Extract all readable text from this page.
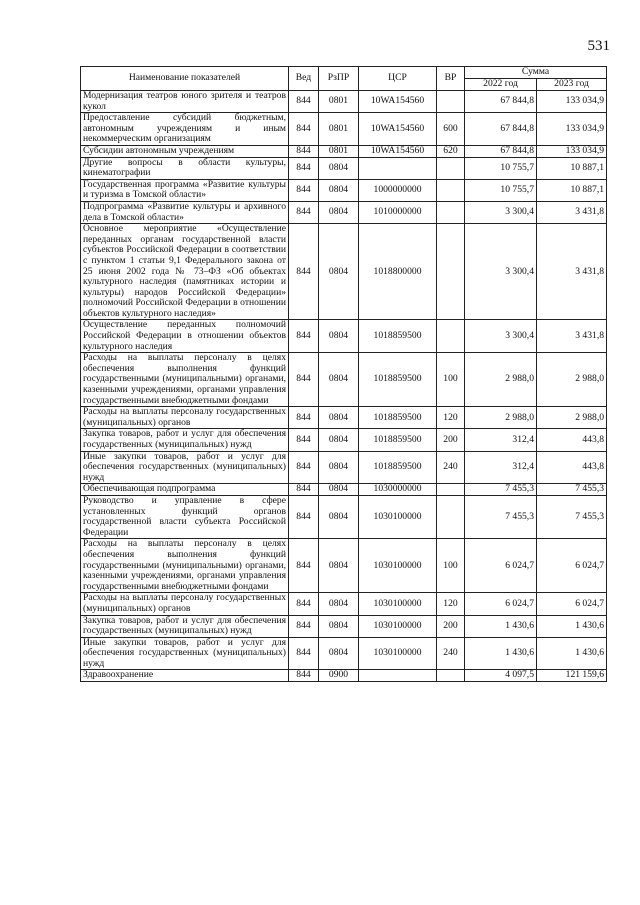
531
Наименование показателей	Вед	РзПР	ЦСР	ВР	Сумма	
					2022 год	2023 год
Модернизация театров юного зрителя и театров кукол	844	0801	10WA154560		67 844,8	133 034,9
Предоставление субсидий бюджетным, автономным учреждениям и иным некоммерческим организациям	844	0801	10WA154560	600	67 844,8	133 034,9
Субсидии автономным учреждениям	844	0801	10WA154560	620	67 844,8	133 034,9
Другие вопросы в области культуры, кинематографии	844	0804			10 755,7	10 887,1
Государственная программа «Развитие культуры и туризма в Томской области»	844	0804	1000000000		10 755,7	10 887,1
Подпрограмма «Развитие культуры и архивного дела в Томской области»	844	0804	1010000000		3 300,4	3 431,8
Основное мероприятие «Осуществление переданных органам государственной власти субъектов Российской Федерации в соответствии с пунктом 1 статьи 9,1 Федерального закона от 25 июня 2002 года № 73–ФЗ «Об объектах культурного наследия (памятниках истории и культуры) народов Российской Федерации» полномочий Российской Федерации в отношении объектов культурного наследия»	844	0804	1018800000		3 300,4	3 431,8
Осуществление переданных полномочий Российской Федерации в отношении объектов культурного наследия	844	0804	1018859500		3 300,4	3 431,8
Расходы на выплаты персоналу в целях обеспечения выполнения функций государственными (муниципальными) органами, казенными учреждениями, органами управления государственными внебюджетными фондами	844	0804	1018859500	100	2 988,0	2 988,0
Расходы на выплаты персоналу государственных (муниципальных) органов	844	0804	1018859500	120	2 988,0	2 988,0
Закупка товаров, работ и услуг для обеспечения государственных (муниципальных) нужд	844	0804	1018859500	200	312,4	443,8
Иные закупки товаров, работ и услуг для обеспечения государственных (муниципальных) нужд	844	0804	1018859500	240	312,4	443,8
Обеспечивающая подпрограмма	844	0804	1030000000		7 455,3	7 455,3
Руководство и управление в сфере установленных функций органов государственной власти субъекта Российской Федерации	844	0804	1030100000		7 455,3	7 455,3
Расходы на выплаты персоналу в целях обеспечения выполнения функций государственными (муниципальными) органами, казенными учреждениями, органами управления государственными внебюджетными фондами	844	0804	1030100000	100	6 024,7	6 024,7
Расходы на выплаты персоналу государственных (муниципальных) органов	844	0804	1030100000	120	6 024,7	6 024,7
Закупка товаров, работ и услуг для обеспечения государственных (муниципальных) нужд	844	0804	1030100000	200	1 430,6	1 430,6
Иные закупки товаров, работ и услуг для обеспечения государственных (муниципальных) нужд	844	0804	1030100000	240	1 430,6	1 430,6
Здравоохранение	844	0900			4 097,5	121 159,6
